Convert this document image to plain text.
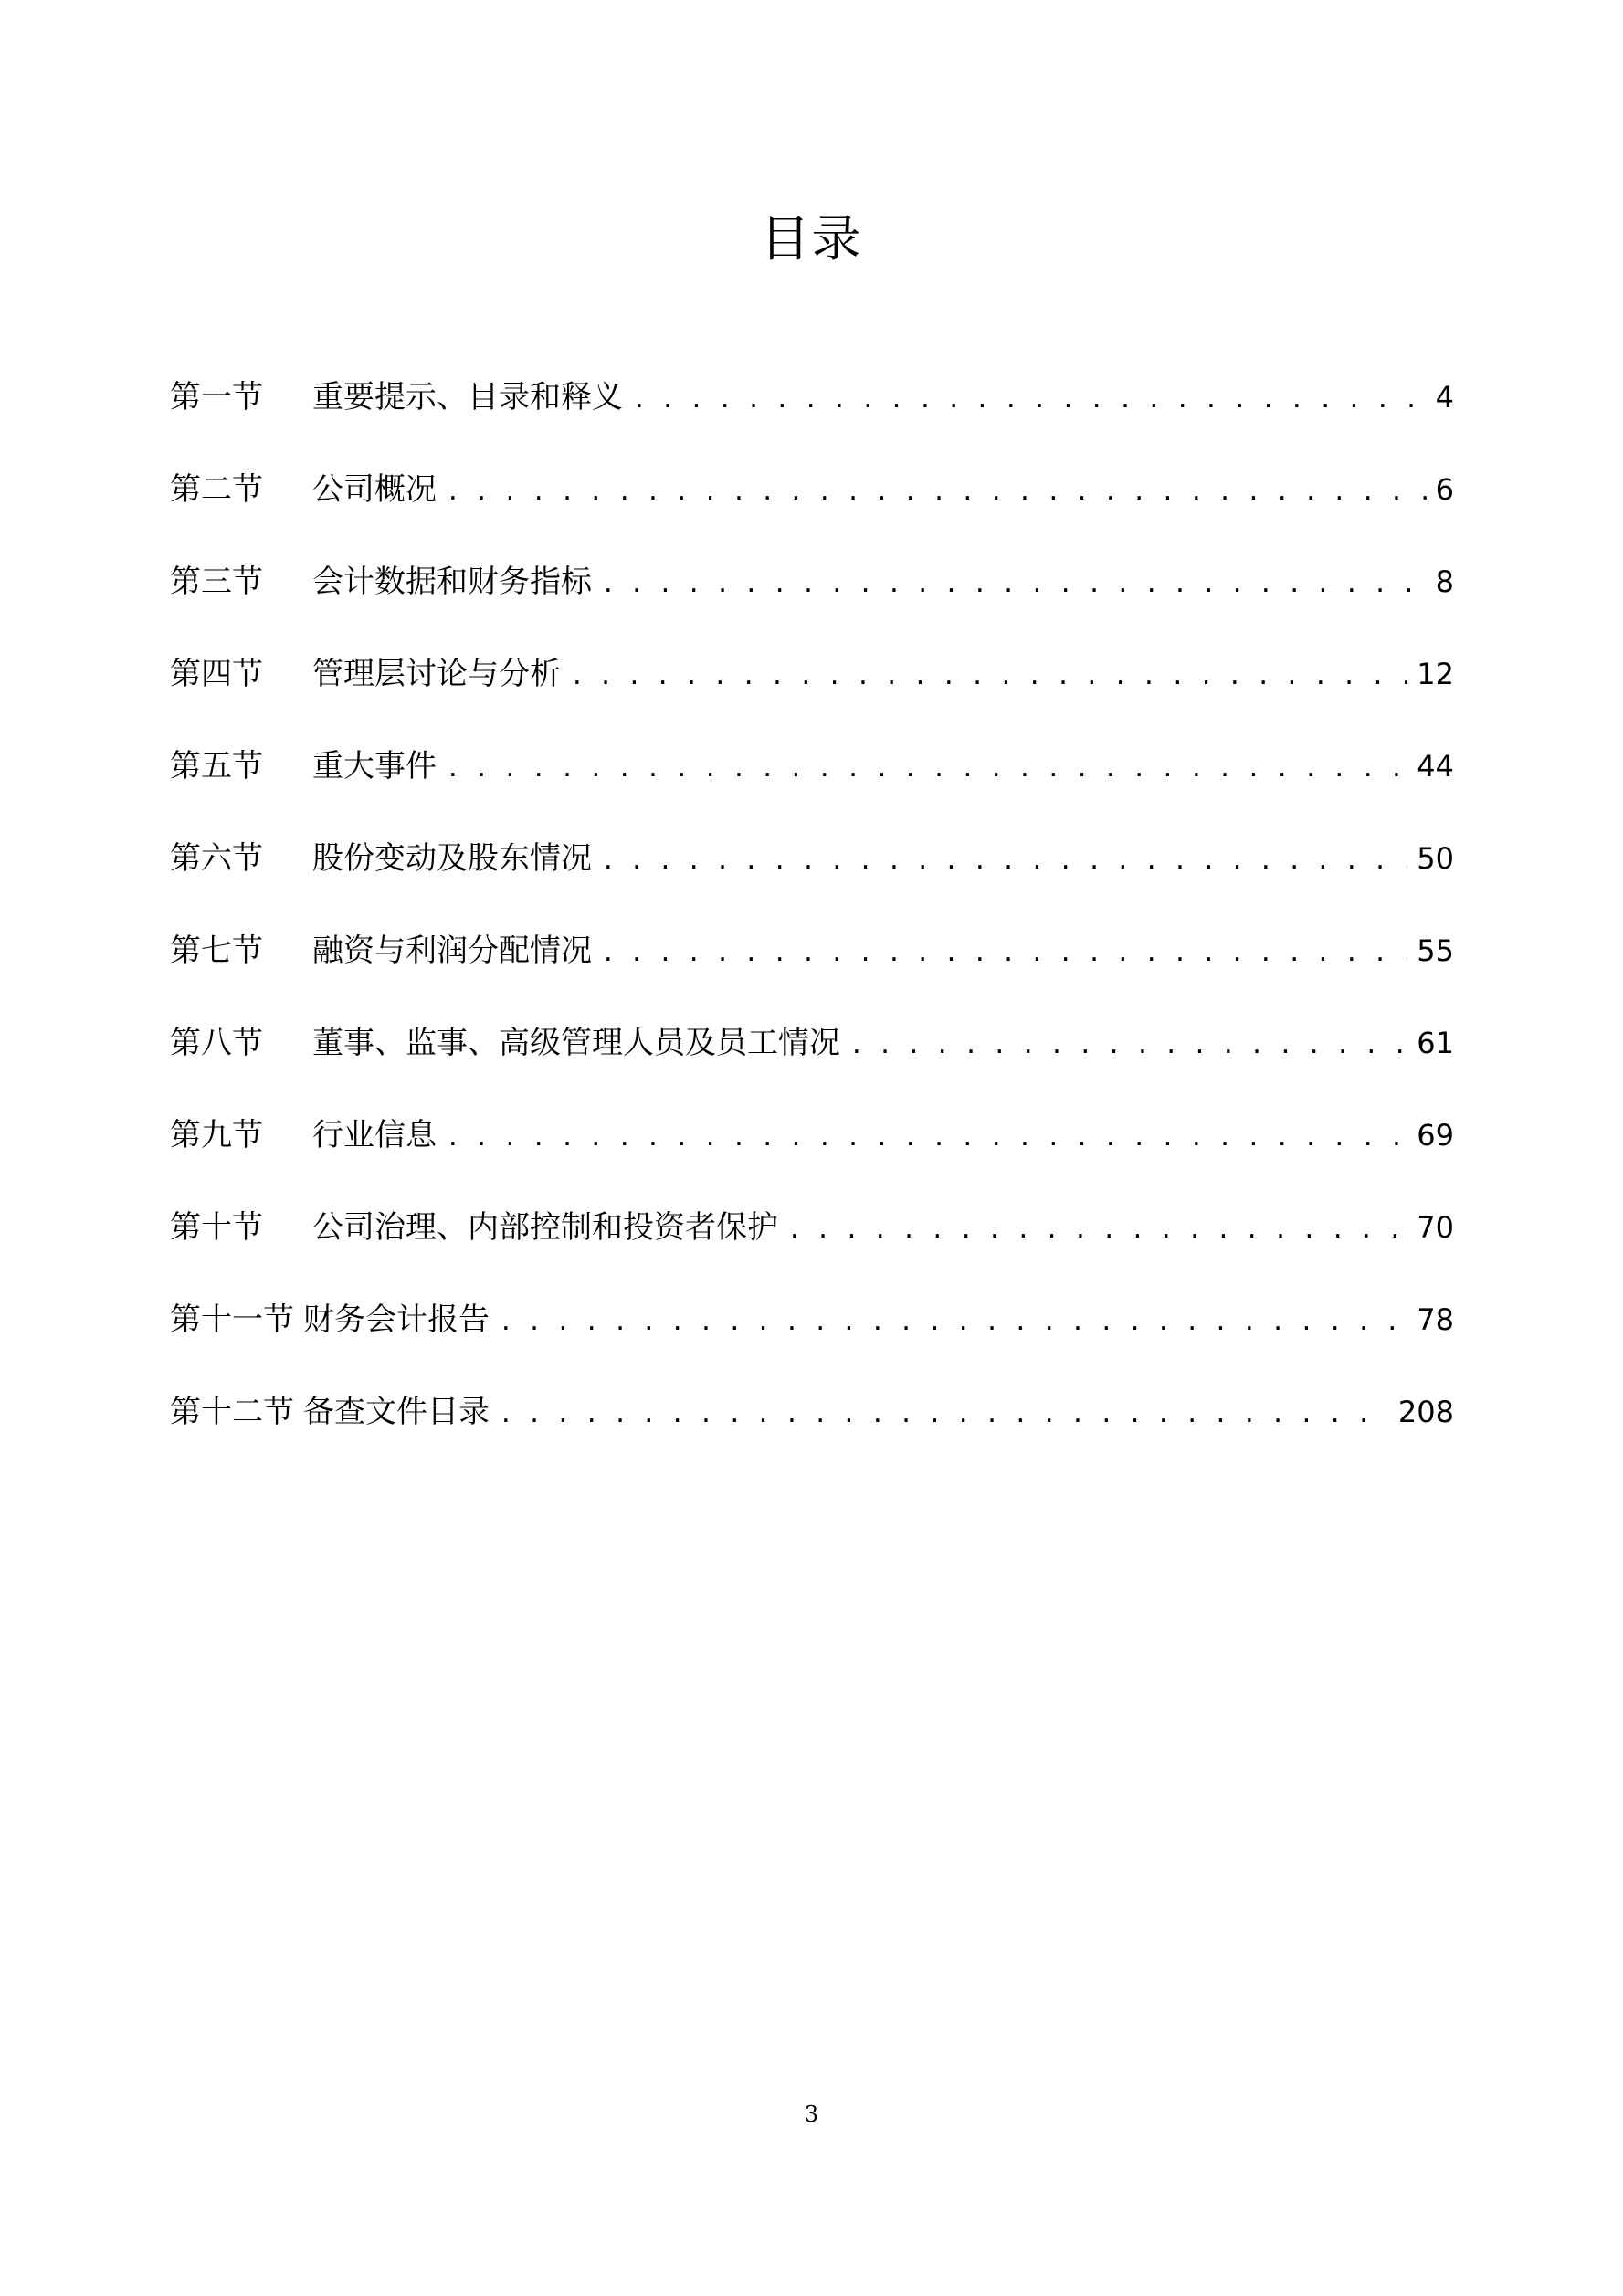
目录
第一节	重要提示、目录和释义 . . .	4
第二节	公司概况 . . .	6
第三节	会计数据和财务指标 . . .	8
第四节	管理层讨论与分析 . . .	12
第五节	重大事件 . . .	44
第六节	股份变动及股东情况 . . .	50
第七节	融资与利润分配情况 . . .	55
第八节	董事、监事、高级管理人员及员工情况 . . .	61
第九节	行业信息 . . .	69
第十节	公司治理、内部控制和投资者保护 . . .	70
第十一节 财务会计报告 . . .	78
第十二节 备查文件目录 . . .	208
3
